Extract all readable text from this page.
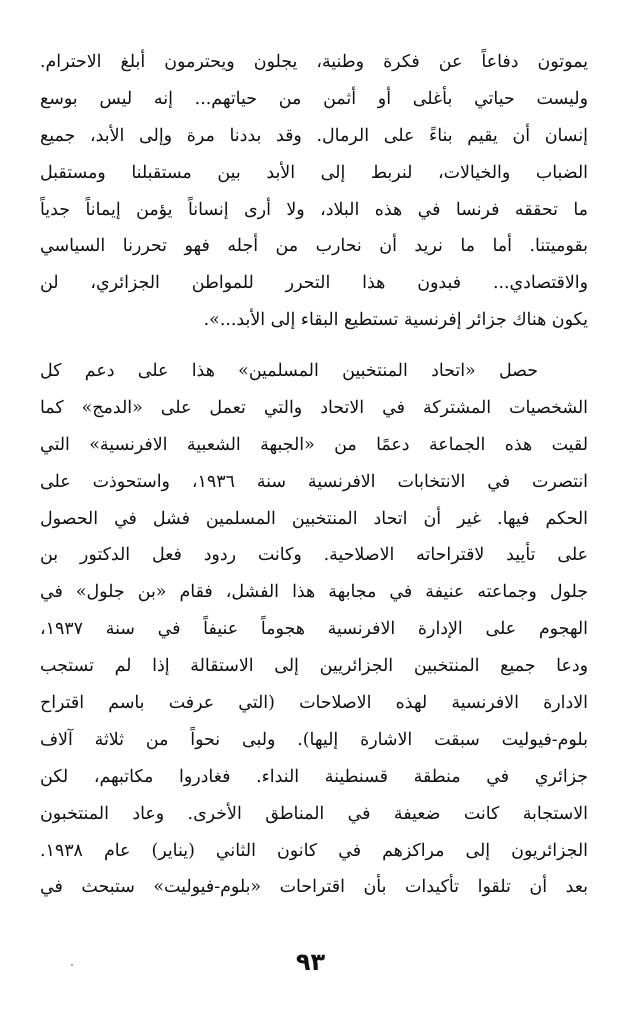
يموتون دفاعاً عن فكرة وطنية، يجلون ويحترمون أبلغ الاحترام.
وليست حياتي بأغلى أو أثمن من حياتهم... إنه ليس بوسع
إنسان أن يقيم بناءً على الرمال. وقد بددنا مرة وإلى الأبد، جميع
الضباب والخيالات، لنربط إلى الأبد بين مستقبلنا ومستقبل
ما تحققه فرنسا في هذه البلاد، ولا أرى إنساناً يؤمن إيماناً جدياً
بقوميتنا. أما ما نريد أن نحارب من أجله فهو تحررنا السياسي
والاقتصادي... فبدون هذا التحرر للمواطن الجزائري، لن
يكون هناك جزائر إفرنسية تستطيع البقاء إلى الأبد...».
حصل «اتحاد المنتخبين المسلمين» هذا على دعم كل
الشخصيات المشتركة في الاتحاد والتي تعمل على «الدمج» كما
لقيت هذه الجماعة دعمًا من «الجبهة الشعبية الافرنسية» التي
انتصرت في الانتخابات الافرنسية سنة ١٩٣٦، واستحوذت على
الحكم فيها. غير أن اتحاد المنتخبين المسلمين فشل في الحصول
على تأييد لاقتراحاته الاصلاحية. وكانت ردود فعل الدكتور بن
جلول وجماعته عنيفة في مجابهة هذا الفشل، فقام «بن جلول» في
الهجوم على الإدارة الافرنسية هجوماً عنيفاً في سنة ١٩٣٧،
ودعا جميع المنتخبين الجزائريين إلى الاستقالة إذا لم تستجب
الادارة الافرنسية لهذه الاصلاحات (التي عرفت باسم اقتراح
بلوم-فيوليت سبقت الاشارة إليها). ولبى نحواً من ثلاثة آلاف
جزائري في منطقة قسنطينة النداء. فغادروا مكاتبهم، لكن
الاستجابة كانت ضعيفة في المناطق الأخرى. وعاد المنتخبون
الجزائريون إلى مراكزهم في كانون الثاني (يناير) عام ١٩٣٨.
بعد أن تلقوا تأكيدات بأن اقتراحات «بلوم-فيوليت» ستبحث في
٩٣
